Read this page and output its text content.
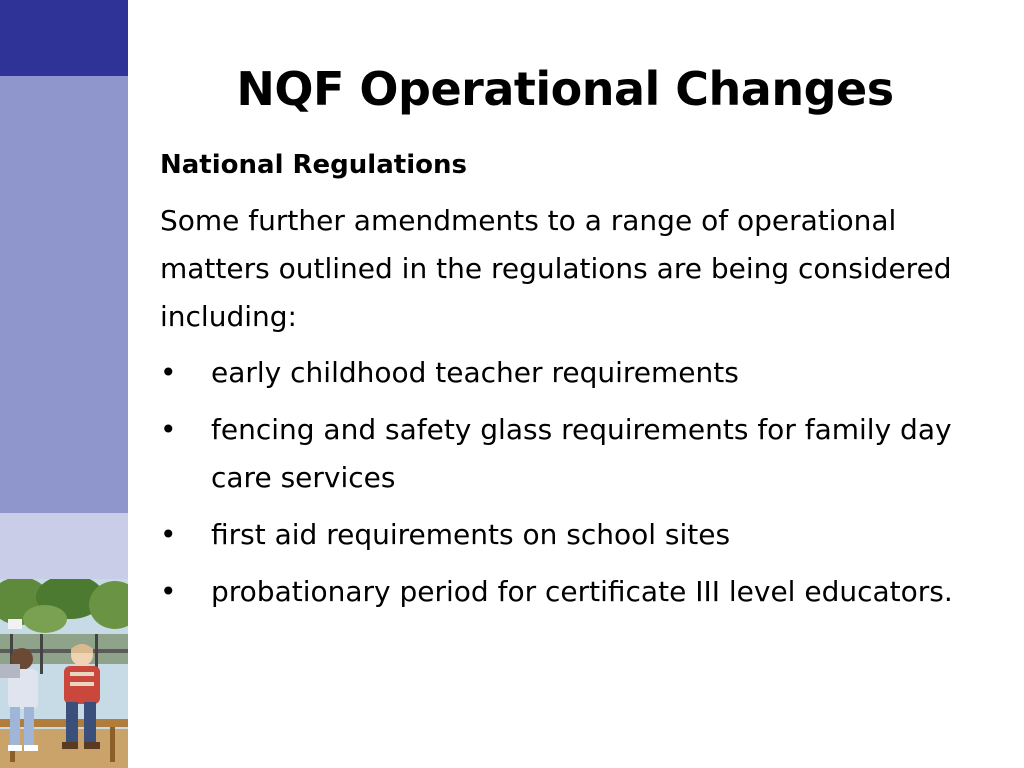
NQF Operational Changes

National Regulations

Some further amendments to a range of operational matters outlined in the regulations are being considered including:

• early childhood teacher requirements
• fencing and safety glass requirements for family day care services
• first aid requirements on school sites
• probationary period for certificate III level educators.
